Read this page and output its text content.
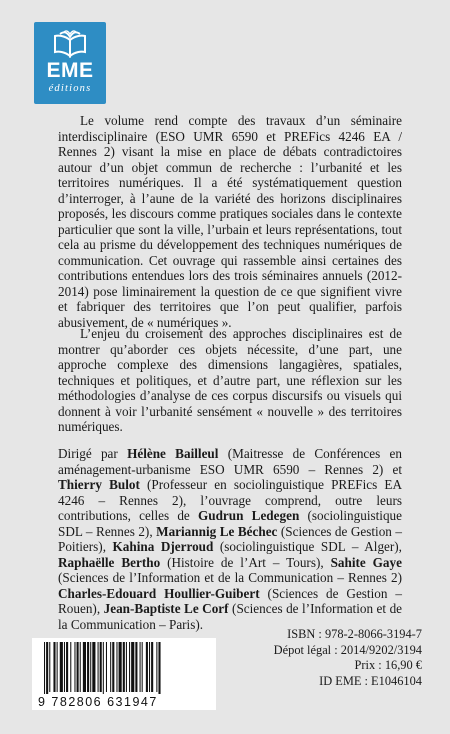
EME
éditions

Le volume rend compte des travaux d’un séminaire interdisciplinaire (ESO UMR 6590 et PREFics 4246 EA / Rennes 2) visant la mise en place de débats contradictoires autour d’un objet commun de recherche : l’urbanité et les territoires numériques. Il a été systématiquement question d’interroger, à l’aune de la variété des horizons disciplinaires proposés, les discours comme pratiques sociales dans le contexte particulier que sont la ville, l’urbain et leurs représentations, tout cela au prisme du développement des techniques numériques de communication. Cet ouvrage qui rassemble ainsi certaines des contributions entendues lors des trois séminaires annuels (2012-2014) pose liminairement la question de ce que signifient vivre et fabriquer des territoires que l’on peut qualifier, parfois abusivement, de « numériques ».

L’enjeu du croisement des approches disciplinaires est de montrer qu’aborder ces objets nécessite, d’une part, une approche complexe des dimensions langagières, spatiales, techniques et politiques, et d’autre part, une réflexion sur les méthodologies d’analyse de ces corpus discursifs ou visuels qui donnent à voir l’urbanité sensément « nouvelle » des territoires numériques.

Dirigé par Hélène Bailleul (Maitresse de Conférences en aménagement-urbanisme ESO UMR 6590 – Rennes 2) et Thierry Bulot (Professeur en sociolinguistique PREFics EA 4246 – Rennes 2), l’ouvrage comprend, outre leurs contributions, celles de Gudrun Ledegen (sociolinguistique SDL – Rennes 2), Mariannig Le Béchec (Sciences de Gestion – Poitiers), Kahina Djerroud (sociolinguistique SDL – Alger), Raphaëlle Bertho (Histoire de l’Art – Tours), Sahite Gaye (Sciences de l’Information et de la Communication – Rennes 2) Charles-Edouard Houllier-Guibert (Sciences de Gestion – Rouen), Jean-Baptiste Le Corf (Sciences de l’Information et de la Communication – Paris).

9 782806 631947
ISBN : 978-2-8066-3194-7
Dépot légal : 2014/9202/3194
Prix : 16,90 €
ID EME : E1046104
